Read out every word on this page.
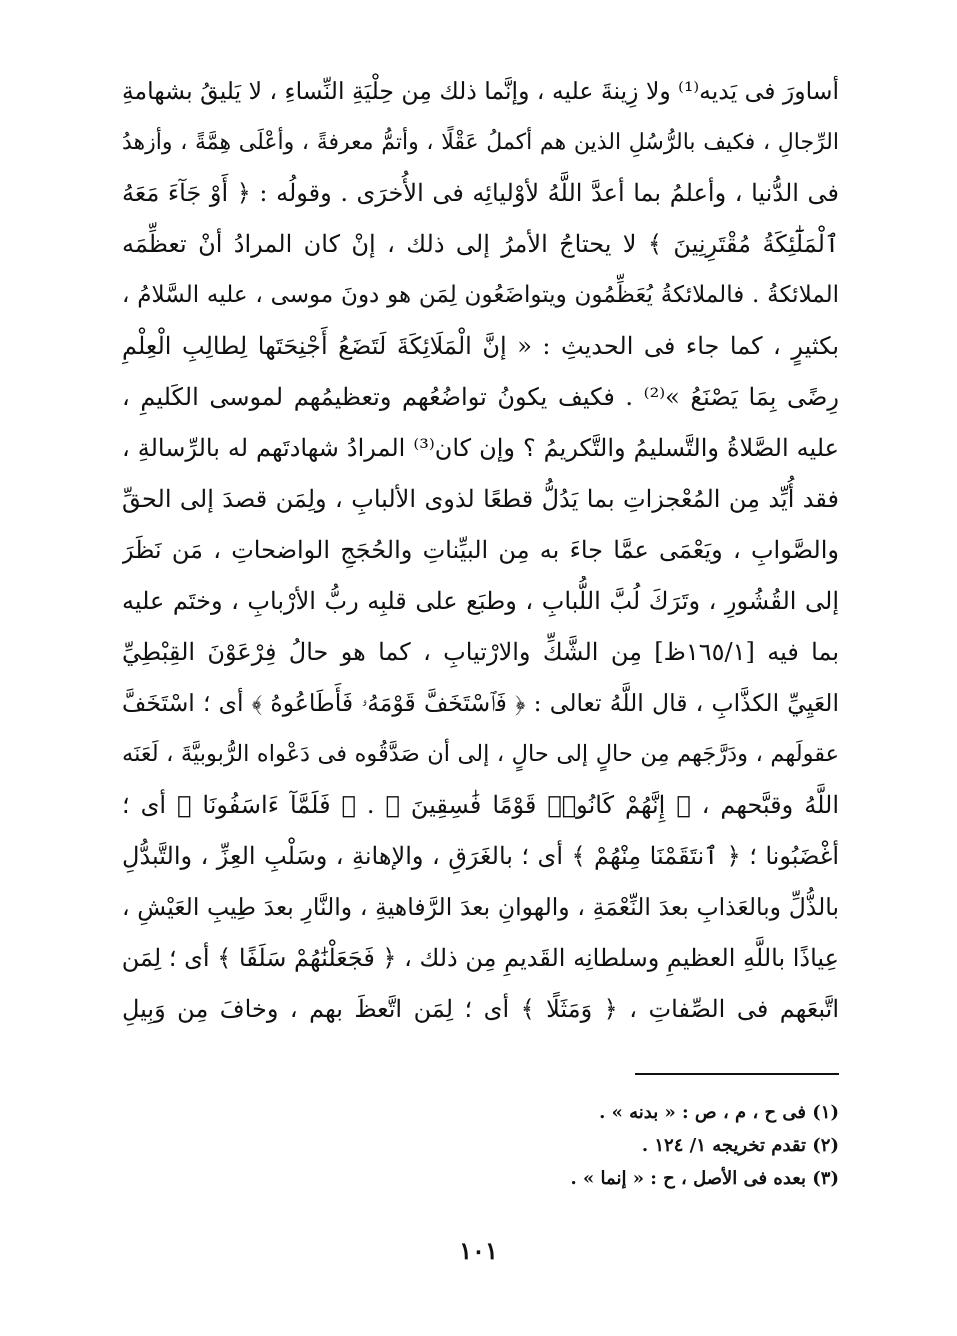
أساورَ فى يَديه⁽¹⁾ ولا زِينةَ عليه ، وإنَّما ذلك مِن حِلْيَةِ النِّساءِ ، لا يَليقُ بشهامةِ
الرِّجالِ ، فكيف بالرُّسُلِ الذين هم أكملُ عَقْلًا ، وأتمُّ معرفةً ، وأعْلَى هِمَّةً ، وأزهدُ
فى الدُّنيا ، وأعلمُ بما أعدَّ اللَّهُ لأوْليائِه فى الأُخرَى . وقولُه : ﴿ أَوْ جَآءَ مَعَهُ
ٱلْمَلَٰٓئِكَةُ مُقْتَرِنِينَ ﴾ لا يحتاجُ الأمرُ إلى ذلك ، إنْ كان المرادُ أنْ تعظِّمَه
الملائكةُ . فالملائكةُ يُعَظِّمُون ويتواضَعُون لِمَن هو دونَ موسى ، عليه السَّلامُ ،
بكثيرٍ ، كما جاء فى الحديثِ : « إنَّ الْمَلَائِكَةَ لَتَضَعُ أَجْنِحَتَها لِطالِبِ الْعِلْمِ
رِضًى بِمَا يَصْنَعُ »⁽²⁾ . فكيف يكونُ تواضُعُهم وتعظيمُهم لموسى الكَليمِ ،
عليه الصَّلاةُ والتَّسليمُ والتَّكريمُ ؟ وإن كان⁽³⁾ المرادُ شهادتَهم له بالرِّسالةِ ،
فقد أُيِّد مِن المُعْجزاتِ بما يَدُلُّ قطعًا لذوى الألبابِ ، ولِمَن قصدَ إلى الحقِّ
والصَّوابِ ، ويَعْمَى عمَّا جاءَ به مِن البيِّناتِ والحُجَجِ الواضحاتِ ، مَن نَظَرَ
إلى القُشُورِ ، وتَرَكَ لُبَّ اللُّبابِ ، وطبَع على قلبِه ربُّ الأرْبابِ ، وختَم عليه
بما فيه [١٦٥/١ظ] مِن الشَّكِّ والارْتيابِ ، كما هو حالُ فِرْعَوْنَ القِبْطِيِّ
العَيِيِّ الكذَّابِ ، قال اللَّهُ تعالى : ﴿ فَٱسْتَخَفَّ قَوْمَهُۥ فَأَطَاعُوهُ ﴾ أى ؛ اسْتَخَفَّ
عقولَهم ، ودَرَّجَهم مِن حالٍ إلى حالٍ ، إلى أن صَدَّقُوه فى دَعْواه الرُّبوبيَّةَ ، لَعَنَه
اللَّهُ وقبَّحهم ، ﴿ إِنَّهُمْ كَانُوا۟ قَوْمًا فَٰسِقِينَ ﴾ . ﴿ فَلَمَّآ ءَاسَفُونَا ﴾ أى ؛
أغْضَبُونا ؛ ﴿ ٱنتَقَمْنَا مِنْهُمْ ﴾ أى ؛ بالغَرَقِ ، والإهانةِ ، وسَلْبِ العِزِّ ، والتَّبدُّلِ
بالذُّلِّ وبالعَذابِ بعدَ النِّعْمَةِ ، والهوانِ بعدَ الرَّفاهيةِ ، والنَّارِ بعدَ طِيبِ العَيْشِ ،
عِياذًا باللَّهِ العظيمِ وسلطانِه القَديمِ مِن ذلك ، ﴿ فَجَعَلْنَٰهُمْ سَلَفًا ﴾ أى ؛ لِمَن
اتَّبعَهم فى الصِّفاتِ ، ﴿ وَمَثَلًا ﴾ أى ؛ لِمَن اتَّعظَ بهم ، وخافَ مِن وَبِيلِ
(١) فى ح ، م ، ص : « بدنه » .
(٢) تقدم تخريجه ١/ ١٢٤ .
(٣) بعده فى الأصل ، ح : « إنما » .
١٠١
